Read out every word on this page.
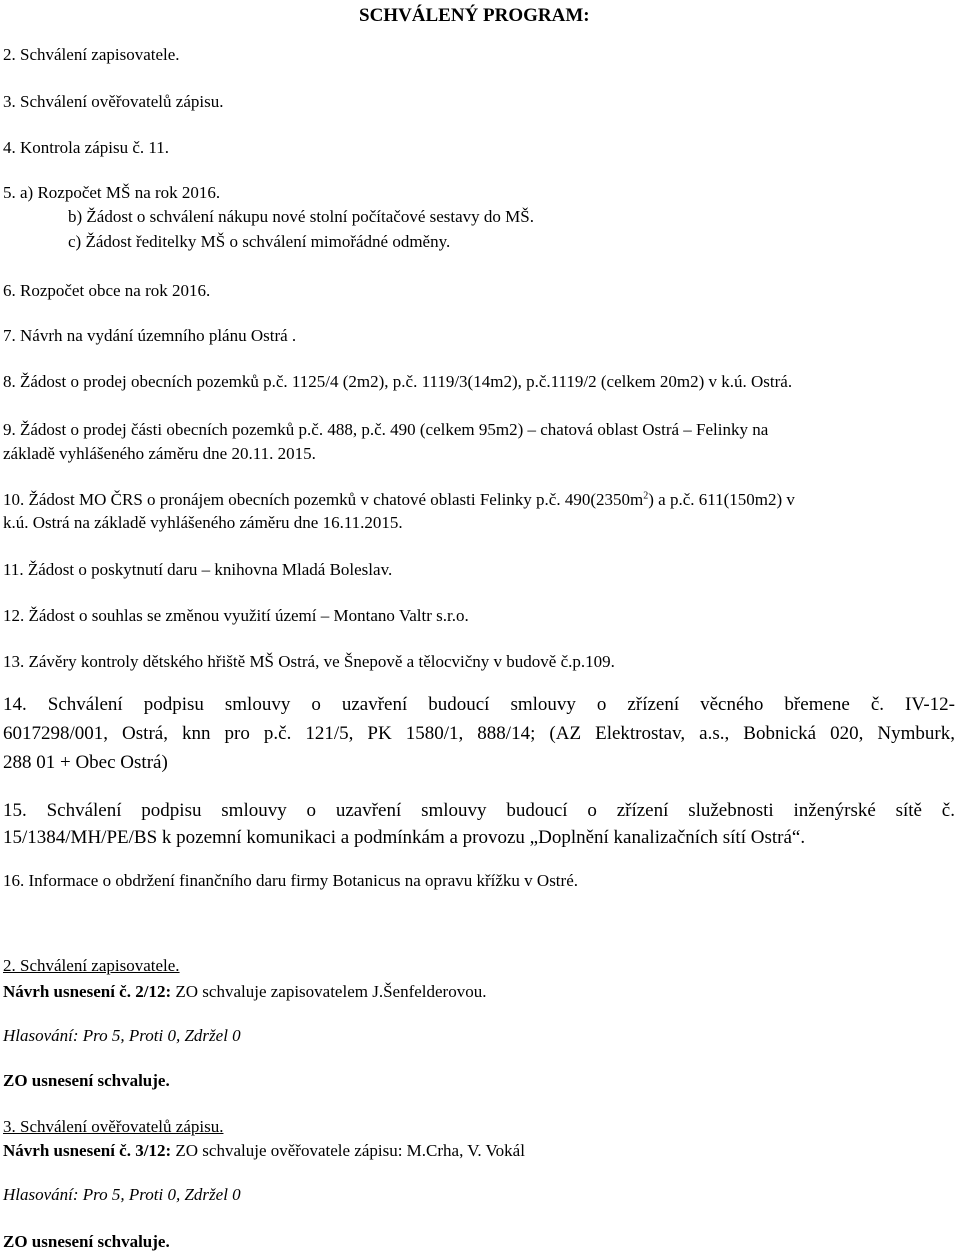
SCHVÁLENÝ PROGRAM:
2. Schválení zapisovatele.
3. Schválení ověřovatelů zápisu.
4. Kontrola zápisu č. 11.
5. a) Rozpočet MŠ na rok 2016.
b) Žádost o schválení nákupu nové stolní počítačové sestavy do MŠ.
c) Žádost ředitelky MŠ o schválení mimořádné odměny.
6. Rozpočet obce na rok 2016.
7. Návrh na vydání územního plánu Ostrá .
8. Žádost o prodej obecních pozemků p.č. 1125/4 (2m2), p.č. 1119/3(14m2), p.č.1119/2 (celkem 20m2) v k.ú. Ostrá.
9. Žádost o prodej části obecních pozemků p.č. 488, p.č. 490 (celkem 95m2) – chatová oblast Ostrá – Felinky na
základě vyhlášeného záměru dne 20.11. 2015.
10. Žádost MO ČRS o pronájem obecních pozemků v chatové oblasti Felinky p.č. $490(2350m^2)$ a p.č. 611(150m2) v
k.ú. Ostrá na základě vyhlášeného záměru dne 16.11.2015.
11. Žádost o poskytnutí daru – knihovna Mladá Boleslav.
12. Žádost o souhlas se změnou využití území – Montano Valtr s.r.o.
13. Závěry kontroly dětského hřiště MŠ Ostrá, ve Šnepově a tělocvičny v budově č.p.109.
14. Schválení podpisu smlouvy o uzavření budoucí smlouvy o zřízení věcného břemene č. IV-12-
6017298/001, Ostrá, knn pro p.č. 121/5, PK 1580/1, 888/14; (AZ Elektrostav, a.s., Bobnická 020, Nymburk,
288 01 + Obec Ostrá)
15. Schválení podpisu smlouvy o uzavření smlouvy budoucí o zřízení služebnosti inženýrské sítě č.
15/1384/MH/PE/BS k pozemní komunikaci a podmínkám a provozu „Doplnění kanalizačních sítí Ostrá“.
16. Informace o obdržení finančního daru firmy Botanicus na opravu křížku v Ostré.
2. Schválení zapisovatele.
Návrh usnesení č. 2/12: ZO schvaluje zapisovatelem J.Šenfelderovou.
Hlasování: Pro 5, Proti 0, Zdržel 0
ZO usnesení schvaluje.
3. Schválení ověřovatelů zápisu.
Návrh usnesení č. 3/12: ZO schvaluje ověřovatele zápisu: M.Crha, V. Vokál
Hlasování: Pro 5, Proti 0, Zdržel 0
ZO usnesení schvaluje.
